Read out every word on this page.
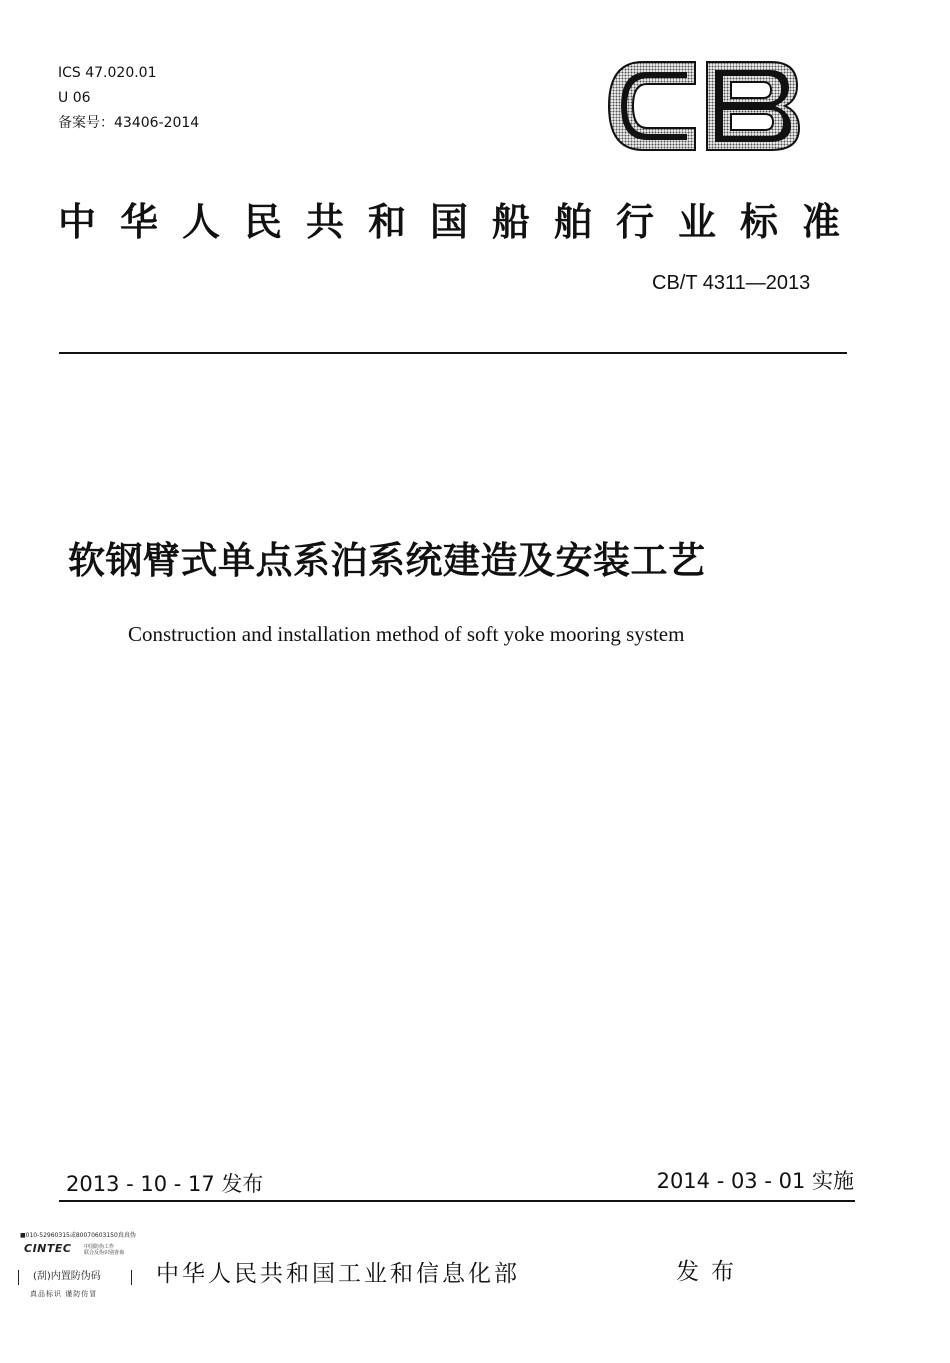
ICS 47.020.01
U 06
备案号：43406-2014
中华人民共和国船舶行业标准
CB/T 4311—2013
软钢臂式单点系泊系统建造及安装工艺
Construction and installation method of soft yoke mooring system
2013 - 10 - 17 发布	2014 - 03 - 01 实施
■010-52960315或80070603150真真伪
CINTEC	中国防伪工作
联合反伪识别查询
(刮)内置防伪码
真品标识 谨防仿冒
中华人民共和国工业和信息化部	发布
